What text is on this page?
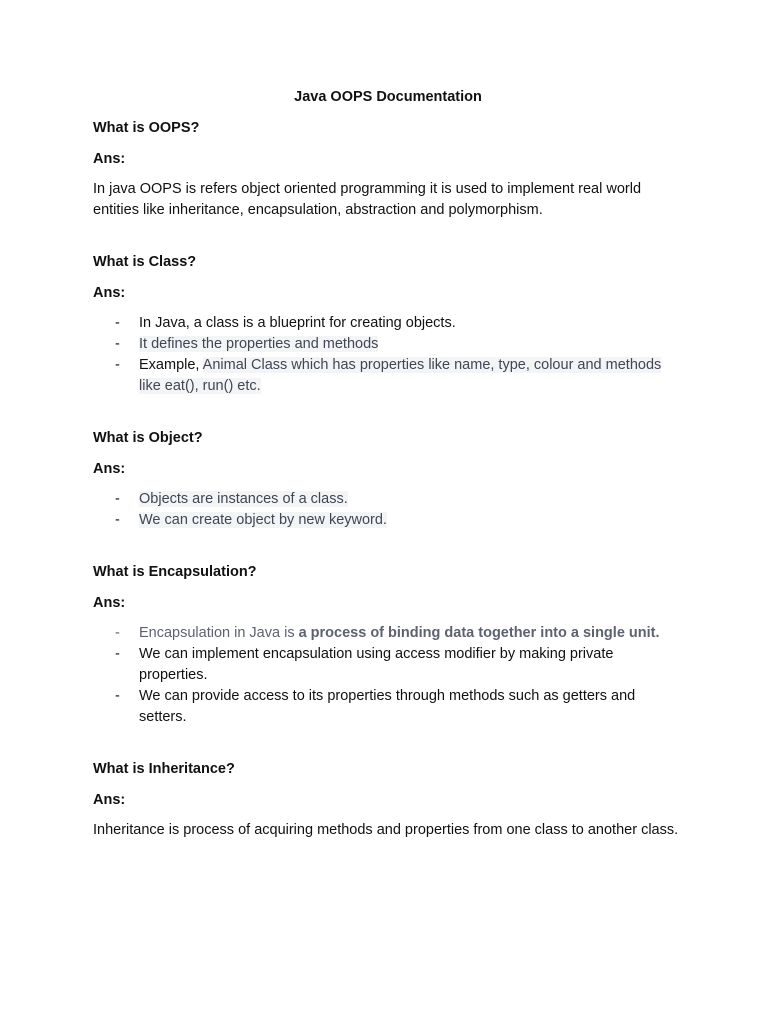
Java OOPS Documentation

What is OOPS?

Ans:

In java OOPS is refers object oriented programming it is used to implement real world entities like inheritance, encapsulation, abstraction and polymorphism.

What is Class?

Ans:

- In Java, a class is a blueprint for creating objects.
- It defines the properties and methods
- Example, Animal Class which has properties like name, type, colour and methods like eat(), run() etc.

What is Object?

Ans:

- Objects are instances of a class.
- We can create object by new keyword.

What is Encapsulation?

Ans:

- Encapsulation in Java is a process of binding data together into a single unit.
- We can implement encapsulation using access modifier by making private properties.
- We can provide access to its properties through methods such as getters and setters.

What is Inheritance?

Ans:

Inheritance is process of acquiring methods and properties from one class to another class.
